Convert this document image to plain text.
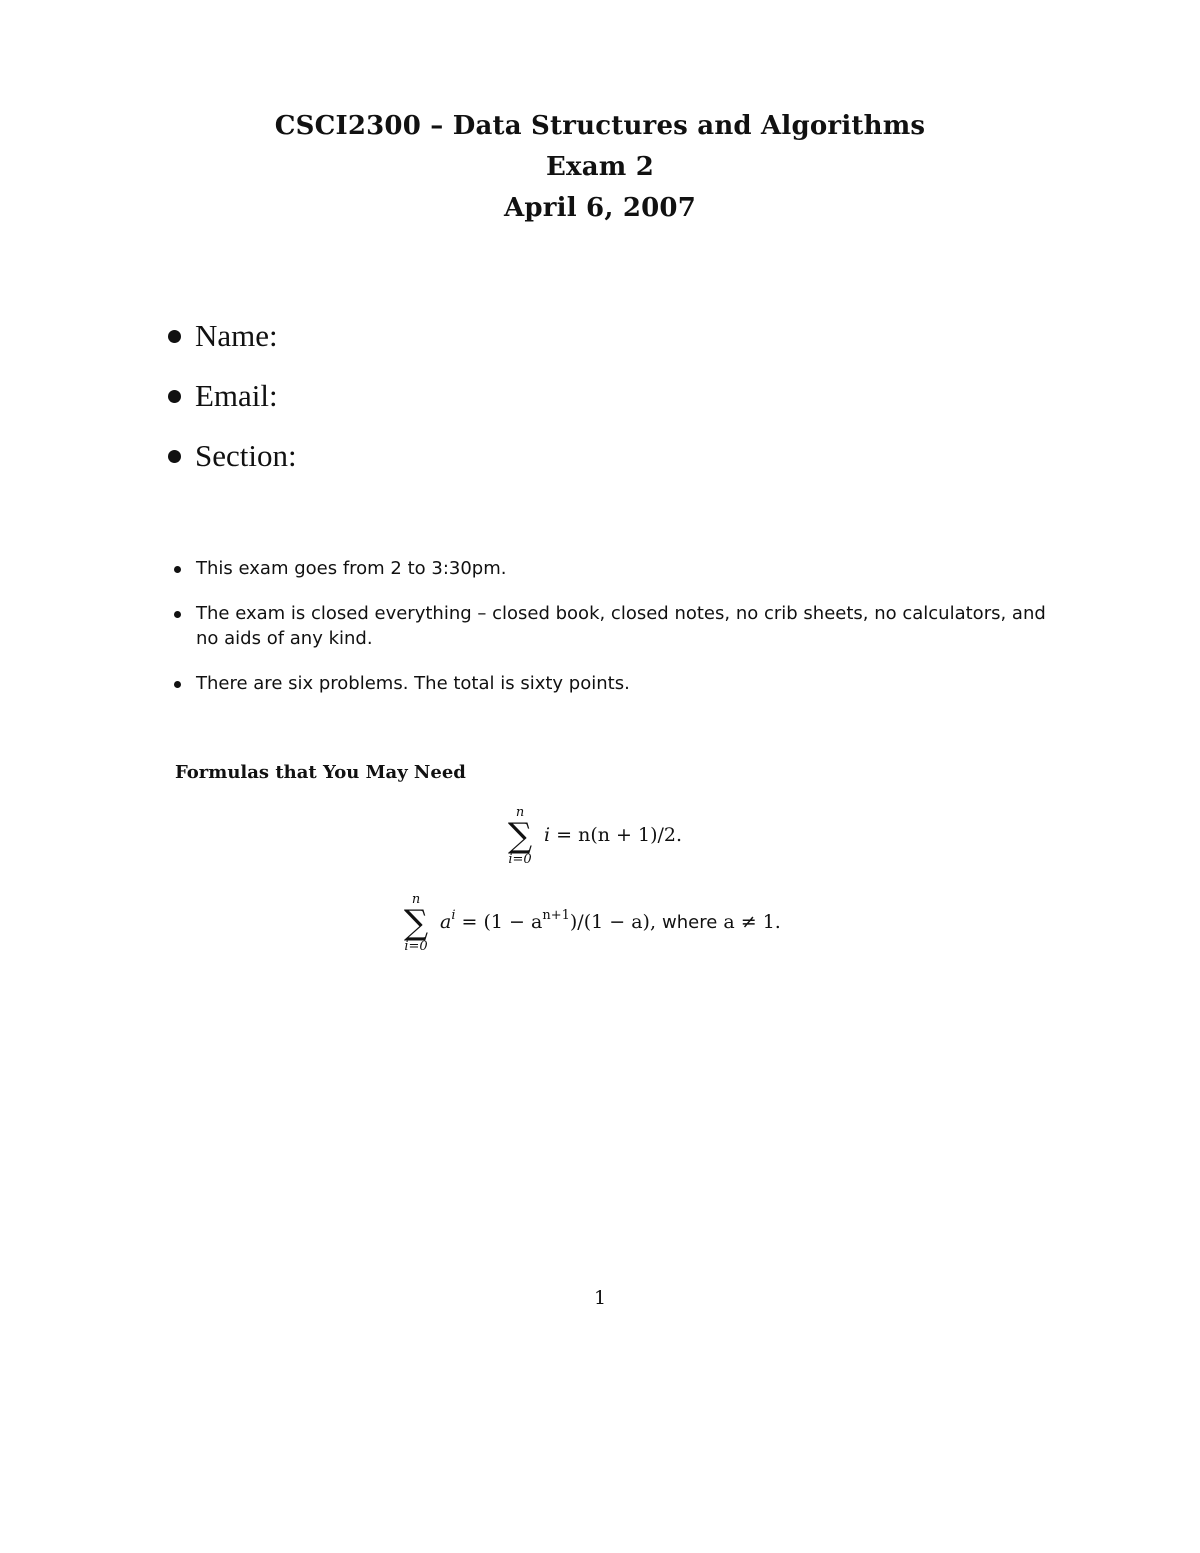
CSCI2300 – Data Structures and Algorithms
Exam 2
April 6, 2007
Name:
Email:
Section:
This exam goes from 2 to 3:30pm.
The exam is closed everything – closed book, closed notes, no crib sheets, no calculators, and no aids of any kind.
There are six problems. The total is sixty points.
Formulas that You May Need
n
∑
i=0
i = n(n + 1)/2.
n
∑
i=0
$a^i = (1 - a^{n+1})/(1 - a)$, where a ≠ 1.
1
